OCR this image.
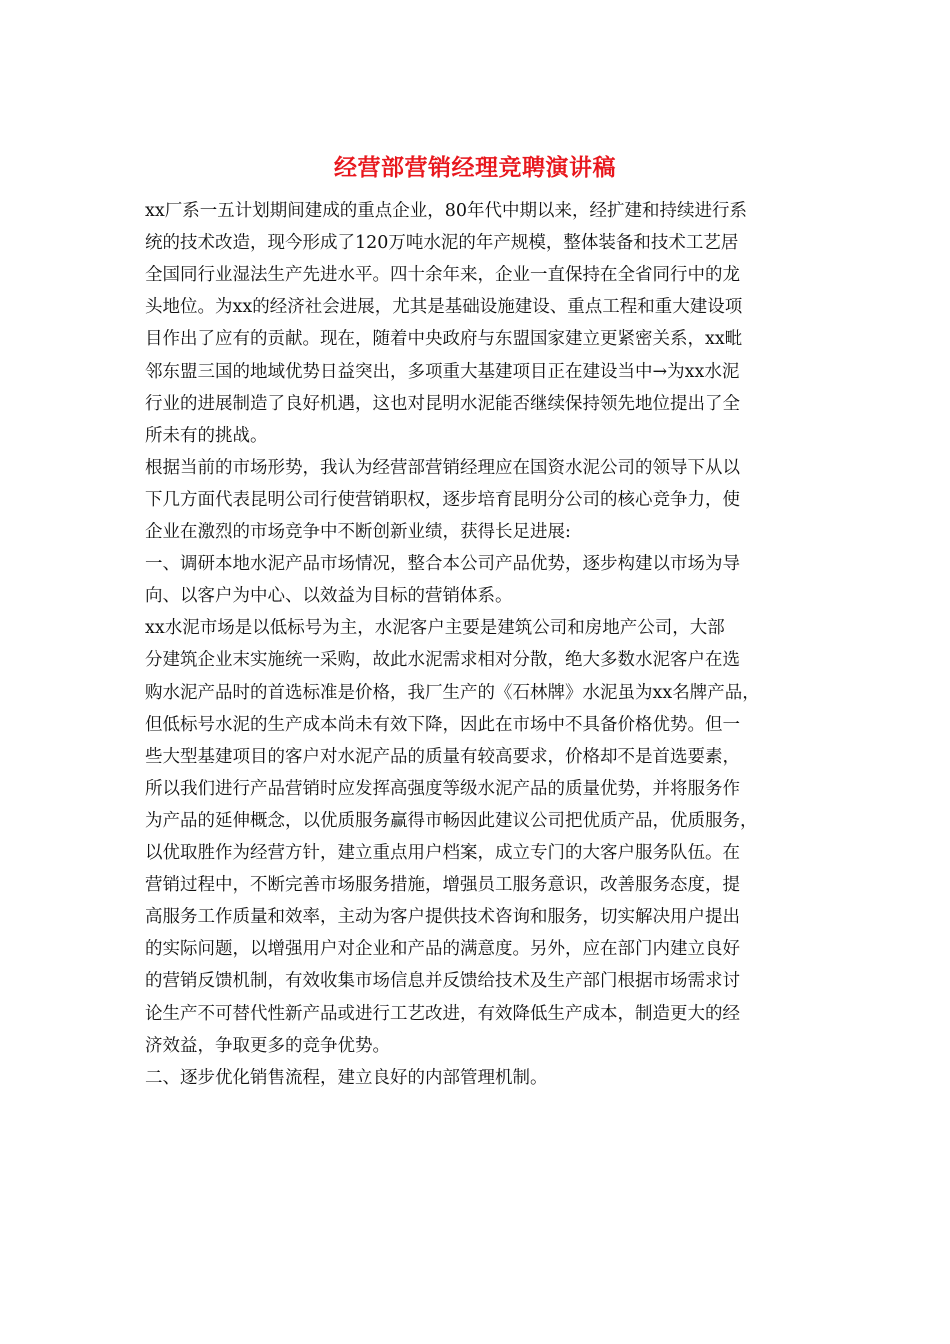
经营部营销经理竞聘演讲稿
xx厂系一五计划期间建成的重点企业，80年代中期以来，经扩建和持续进行系
统的技术改造，现今形成了120万吨水泥的年产规模，整体装备和技术工艺居
全国同行业湿法生产先进水平。四十余年来，企业一直保持在全省同行中的龙
头地位。为xx的经济社会进展，尤其是基础设施建设、重点工程和重大建设项
目作出了应有的贡献。现在，随着中央政府与东盟国家建立更紧密关系，xx毗
邻东盟三国的地域优势日益突出，多项重大基建项目正在建设当中→为xx水泥
行业的进展制造了良好机遇，这也对昆明水泥能否继续保持领先地位提出了全
所未有的挑战。
根据当前的市场形势，我认为经营部营销经理应在国资水泥公司的领导下从以
下几方面代表昆明公司行使营销职权，逐步培育昆明分公司的核心竞争力，使
企业在激烈的市场竞争中不断创新业绩，获得长足进展:
一、调研本地水泥产品市场情况，整合本公司产品优势，逐步构建以市场为导
向、以客户为中心、以效益为目标的营销体系。
xx水泥市场是以低标号为主，水泥客户主要是建筑公司和房地产公司，大部
分建筑企业末实施统一采购，故此水泥需求相对分散，绝大多数水泥客户在选
购水泥产品时的首选标准是价格，我厂生产的《石林牌》水泥虽为xx名牌产品，
但低标号水泥的生产成本尚未有效下降，因此在市场中不具备价格优势。但一
些大型基建项目的客户对水泥产品的质量有较高要求，价格却不是首选要素，
所以我们进行产品营销时应发挥高强度等级水泥产品的质量优势，并将服务作
为产品的延伸概念，以优质服务赢得市畅因此建议公司把优质产品，优质服务，
以优取胜作为经营方针，建立重点用户档案，成立专门的大客户服务队伍。在
营销过程中，不断完善市场服务措施，增强员工服务意识，改善服务态度，提
高服务工作质量和效率，主动为客户提供技术咨询和服务，切实解决用户提出
的实际问题，以增强用户对企业和产品的满意度。另外，应在部门内建立良好
的营销反馈机制，有效收集市场信息并反馈给技术及生产部门根据市场需求讨
论生产不可替代性新产品或进行工艺改进，有效降低生产成本，制造更大的经
济效益，争取更多的竞争优势。
二、逐步优化销售流程，建立良好的内部管理机制。
